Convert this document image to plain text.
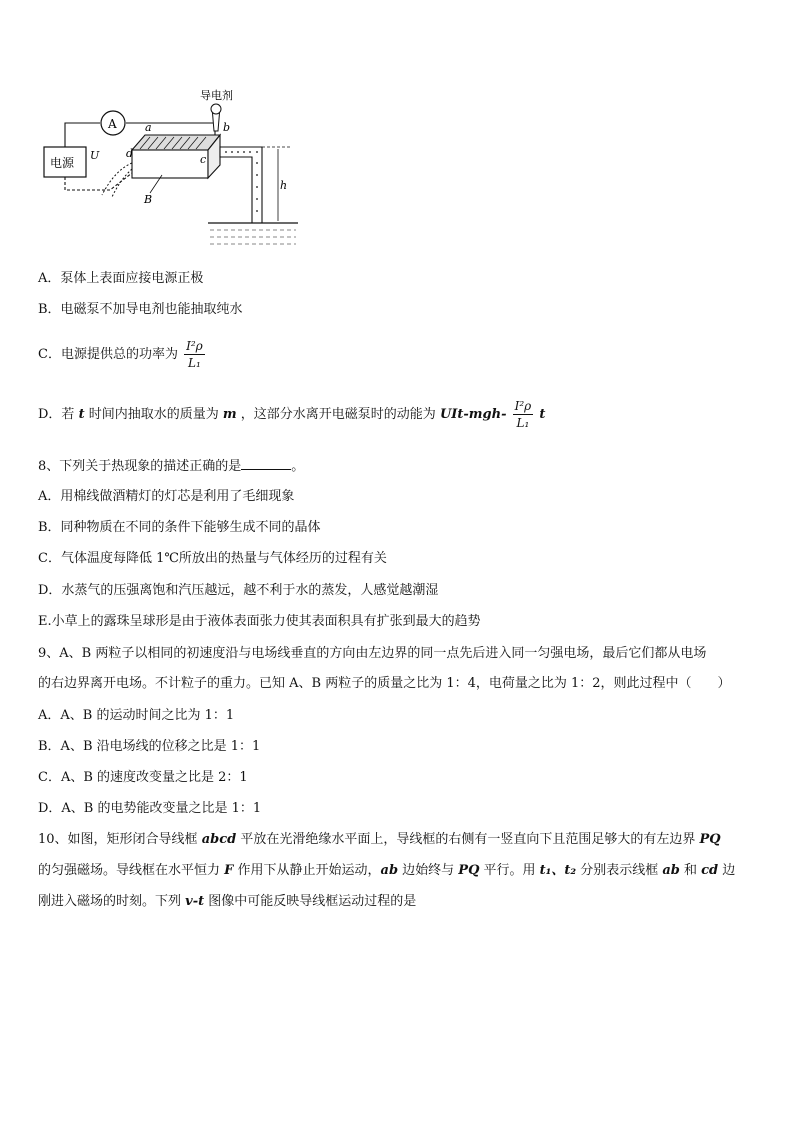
电源
U
A	a
c
d
B
导电剂
b
h
A．泵体上表面应接电源正极
B．电磁泵不加导电剂也能抽取纯水
C．电源提供总的功率为 $\frac{\text{I²ρ}}{\text{L₁}}$
D．若 t 时间内抽取水的质量为 m ，这部分水离开电磁泵时的动能为 $UIt-mgh- \frac{\text{I²ρ}}{\text{L₁}}$ t
8、下列关于热现象的描述正确的是	。
A．用棉线做酒精灯的灯芯是利用了毛细现象
B．同种物质在不同的条件下能够生成不同的晶体
C．气体温度每降低 1℃所放出的热量与气体经历的过程有关
D．水蒸气的压强离饱和汽压越远，越不利于水的蒸发，人感觉越潮湿
E.小草上的露珠呈球形是由于液体表面张力使其表面积具有扩张到最大的趋势
9、A、B 两粒子以相同的初速度沿与电场线垂直的方向由左边界的同一点先后进入同一匀强电场，最后它们都从电场
的右边界离开电场。不计粒子的重力。已知 A、B 两粒子的质量之比为 1：4，电荷量之比为 1：2，则此过程中（　　）
A．A、B 的运动时间之比为 1：1
B．A、B 沿电场线的位移之比是 1：1
C．A、B 的速度改变量之比是 2：1
D．A、B 的电势能改变量之比是 1：1
10、如图，矩形闭合导线框 abcd 平放在光滑绝缘水平面上，导线框的右侧有一竖直向下且范围足够大的有左边界 PQ
的匀强磁场。导线框在水平恒力 F 作用下从静止开始运动，ab 边始终与 PQ 平行。用 t₁、t₂ 分别表示线框 ab 和 cd 边
刚进入磁场的时刻。下列 v-t 图像中可能反映导线框运动过程的是
